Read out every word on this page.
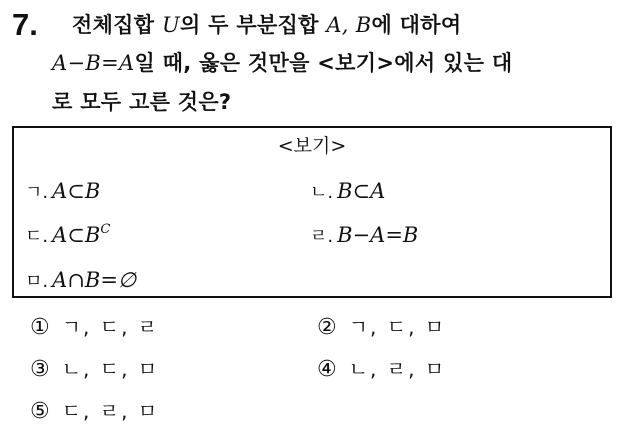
7. 전체집합 U의 두 부분집합 A, B에 대하여
A−B=A일 때, 옳은 것만을 <보기>에서 있는 대
로 모두 고른 것은?
<보기>
ㄱ. A⊂B	ㄴ. B⊂A
ㄷ. $A\subset B^C$	ㄹ. B−A=B
ㅁ. A∩B=∅
① ㄱ, ㄷ, ㄹ	② ㄱ, ㄷ, ㅁ
③ ㄴ, ㄷ, ㅁ	④ ㄴ, ㄹ, ㅁ
⑤ ㄷ, ㄹ, ㅁ
